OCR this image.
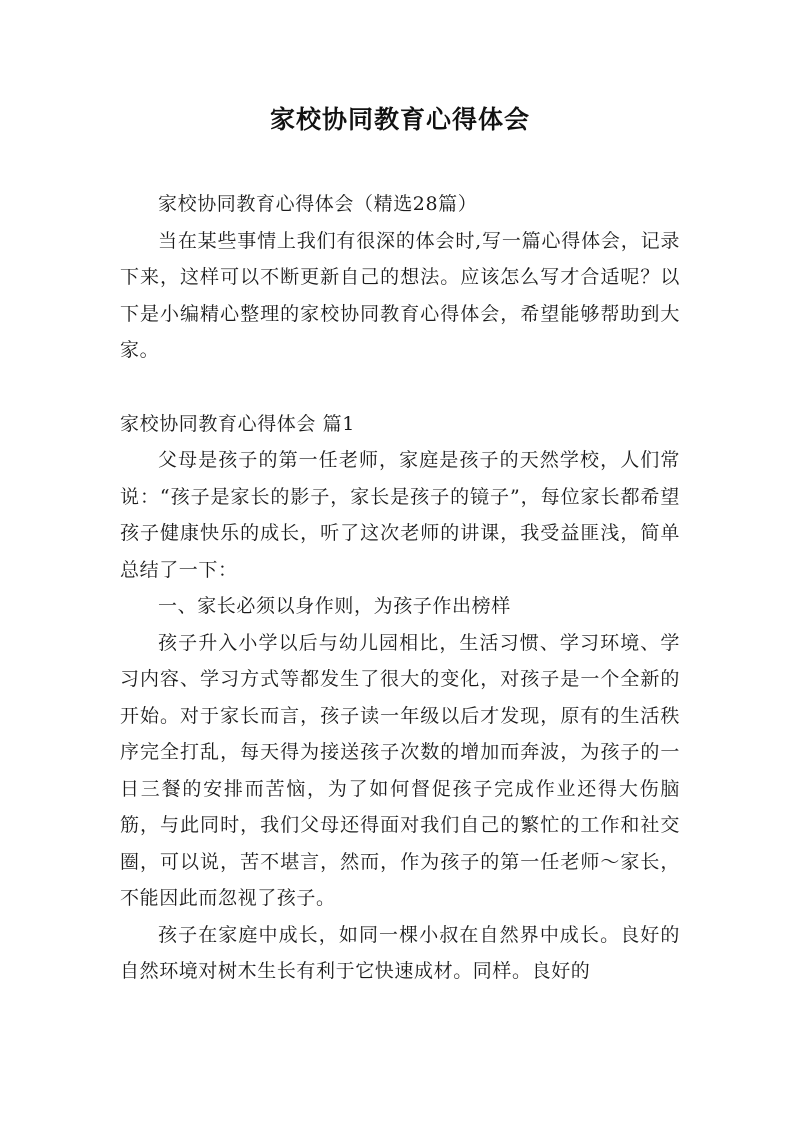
家校协同教育心得体会

家校协同教育心得体会（精选28篇）

当在某些事情上我们有很深的体会时,写一篇心得体会，记录下来，这样可以不断更新自己的想法。应该怎么写才合适呢？以下是小编精心整理的家校协同教育心得体会，希望能够帮助到大家。

家校协同教育心得体会 篇1

父母是孩子的第一任老师，家庭是孩子的天然学校，人们常说：“孩子是家长的影子，家长是孩子的镜子”，每位家长都希望孩子健康快乐的成长，听了这次老师的讲课，我受益匪浅，简单总结了一下：

一、家长必须以身作则，为孩子作出榜样

孩子升入小学以后与幼儿园相比，生活习惯、学习环境、学习内容、学习方式等都发生了很大的变化，对孩子是一个全新的开始。对于家长而言，孩子读一年级以后才发现，原有的生活秩序完全打乱，每天得为接送孩子次数的增加而奔波，为孩子的一日三餐的安排而苦恼，为了如何督促孩子完成作业还得大伤脑筋，与此同时，我们父母还得面对我们自己的繁忙的工作和社交圈，可以说，苦不堪言，然而，作为孩子的第一任老师～家长，不能因此而忽视了孩子。

孩子在家庭中成长，如同一棵小叔在自然界中成长。良好的自然环境对树木生长有利于它快速成材。同样。良好的
